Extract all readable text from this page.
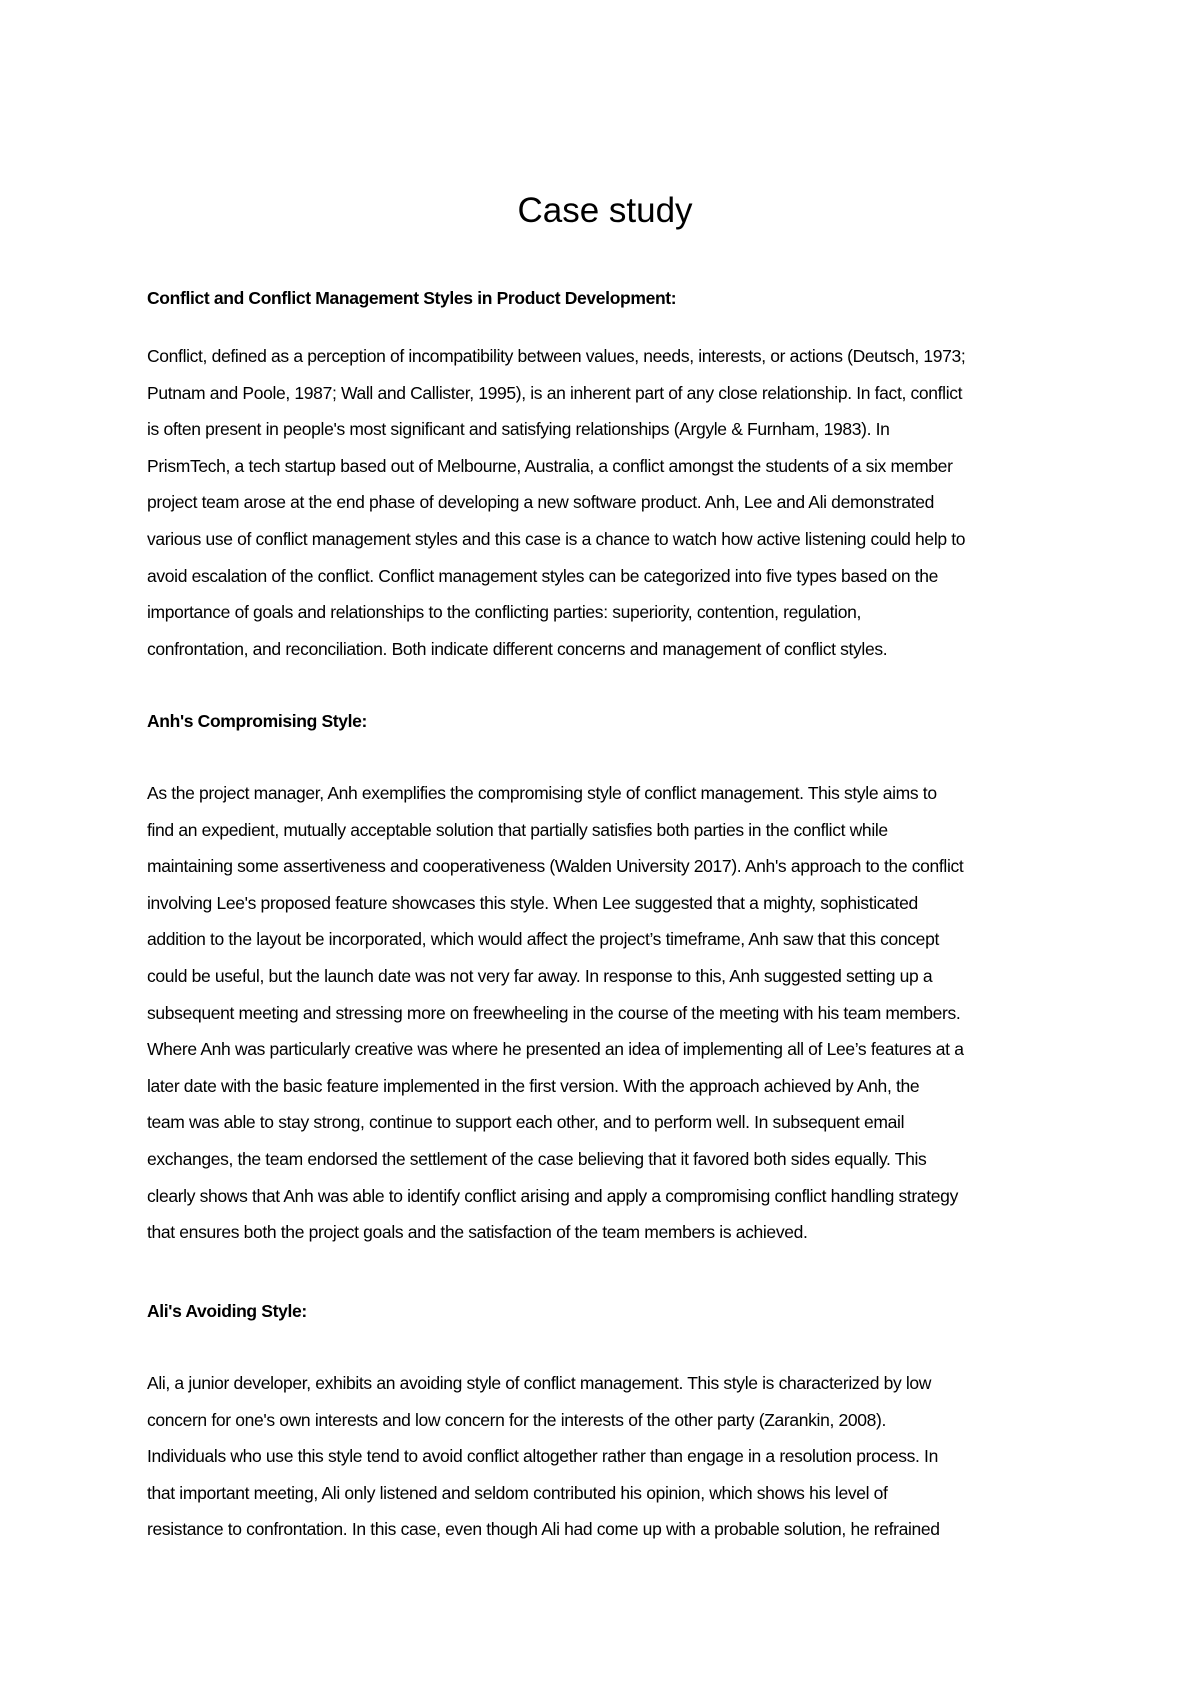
Case study
Conflict and Conflict Management Styles in Product Development:
Conflict, defined as a perception of incompatibility between values, needs, interests, or actions (Deutsch, 1973;
Putnam and Poole, 1987; Wall and Callister, 1995), is an inherent part of any close relationship. In fact, conflict
is often present in people's most significant and satisfying relationships (Argyle & Furnham, 1983). In
PrismTech, a tech startup based out of Melbourne, Australia, a conflict amongst the students of a six member
project team arose at the end phase of developing a new software product. Anh, Lee and Ali demonstrated
various use of conflict management styles and this case is a chance to watch how active listening could help to
avoid escalation of the conflict. Conflict management styles can be categorized into five types based on the
importance of goals and relationships to the conflicting parties: superiority, contention, regulation,
confrontation, and reconciliation. Both indicate different concerns and management of conflict styles.
Anh's Compromising Style:
As the project manager, Anh exemplifies the compromising style of conflict management. This style aims to
find an expedient, mutually acceptable solution that partially satisfies both parties in the conflict while
maintaining some assertiveness and cooperativeness (Walden University 2017). Anh's approach to the conflict
involving Lee's proposed feature showcases this style. When Lee suggested that a mighty, sophisticated
addition to the layout be incorporated, which would affect the project’s timeframe, Anh saw that this concept
could be useful, but the launch date was not very far away. In response to this, Anh suggested setting up a
subsequent meeting and stressing more on freewheeling in the course of the meeting with his team members.
Where Anh was particularly creative was where he presented an idea of implementing all of Lee’s features at a
later date with the basic feature implemented in the first version. With the approach achieved by Anh, the
team was able to stay strong, continue to support each other, and to perform well. In subsequent email
exchanges, the team endorsed the settlement of the case believing that it favored both sides equally. This
clearly shows that Anh was able to identify conflict arising and apply a compromising conflict handling strategy
that ensures both the project goals and the satisfaction of the team members is achieved.
Ali's Avoiding Style:
Ali, a junior developer, exhibits an avoiding style of conflict management. This style is characterized by low
concern for one's own interests and low concern for the interests of the other party (Zarankin, 2008).
Individuals who use this style tend to avoid conflict altogether rather than engage in a resolution process. In
that important meeting, Ali only listened and seldom contributed his opinion, which shows his level of
resistance to confrontation. In this case, even though Ali had come up with a probable solution, he refrained
